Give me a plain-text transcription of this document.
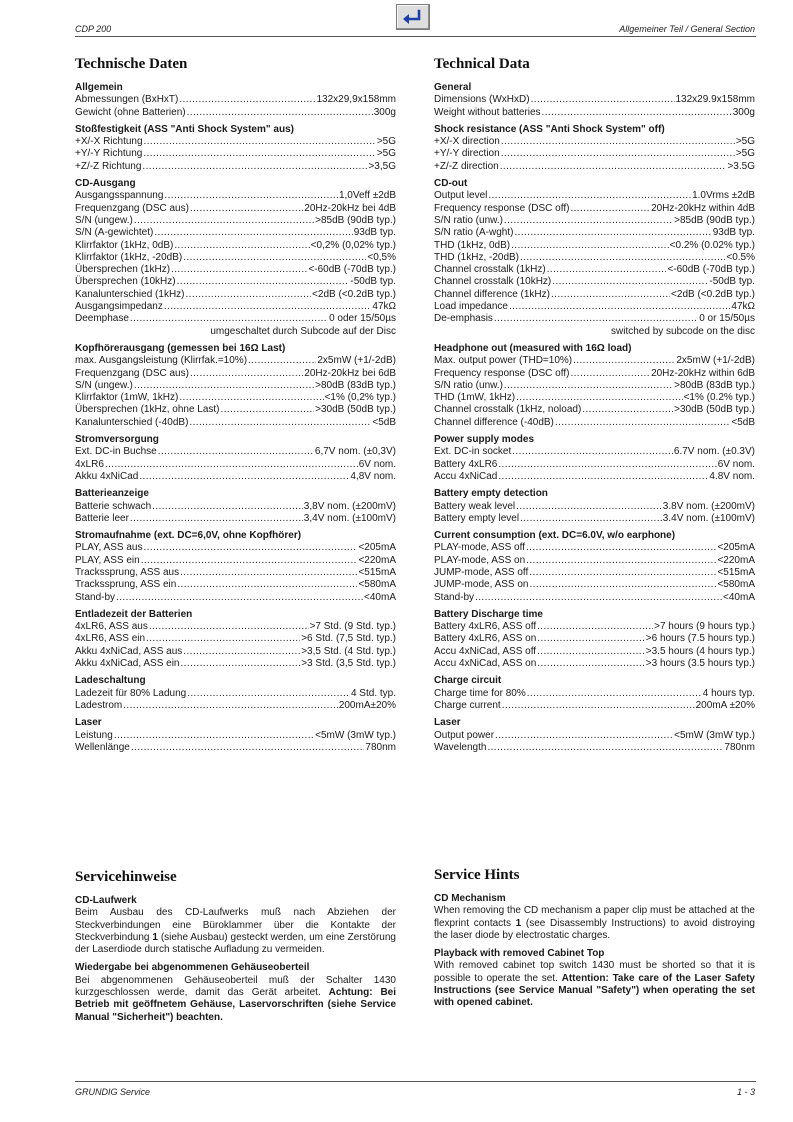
CDP 200	Allgemeiner Teil / General Section
Technische Daten
Allgemein
Abmessungen (BxHxT) .....	132x29,9x158mm
Gewicht (ohne Batterien) .....	300g
Stoßfestigkeit (ASS "Anti Shock System" aus)
+X/-X Richtung .....	>5G
+Y/-Y Richtung .....	>5G
+Z/-Z Richtung .....	>3,5G
CD-Ausgang
Ausgangsspannung .....	1,0Veff ±2dB
Frequenzgang (DSC aus) .....	20Hz-20kHz bei 4dB
S/N (ungew.) .....	>85dB (90dB typ.)
S/N (A-gewichtet) .....	93dB typ.
Klirrfaktor (1kHz, 0dB) .....	<0,2% (0,02% typ.)
Klirrfaktor (1kHz, -20dB) .....	<0,5%
Übersprechen (1kHz) .....	<-60dB (-70dB typ.)
Übersprechen (10kHz) .....	-50dB typ.
Kanalunterschied (1kHz) .....	<2dB (<0.2dB typ.)
Ausgangsimpedanz .....	47kΩ
Deemphase .....	0 oder 15/50µs
umgeschaltet durch Subcode auf der Disc
Kopfhörerausgang (gemessen bei 16Ω Last)
max. Ausgangsleistung (Klirrfak.=10%) .....	2x5mW (+1/-2dB)
Frequenzgang (DSC aus) .....	20Hz-20kHz bei 6dB
S/N (ungew.) .....	>80dB (83dB typ.)
Klirrfaktor (1mW, 1kHz) .....	<1% (0,2% typ.)
Übersprechen (1kHz, ohne Last) .....	>30dB (50dB typ.)
Kanalunterschied (-40dB) .....	<5dB
Stromversorgung
Ext. DC-in Buchse .....	6,7V nom. (±0,3V)
4xLR6 .....	6V nom.
Akku 4xNiCad .....	4,8V nom.
Batterieanzeige
Batterie schwach .....	3,8V nom. (±200mV)
Batterie leer .....	3,4V nom. (±100mV)
Stromaufnahme (ext. DC=6,0V, ohne Kopfhörer)
PLAY, ASS aus .....	<205mA
PLAY, ASS ein .....	<220mA
Trackssprung, ASS aus .....	<515mA
Trackssprung, ASS ein .....	<580mA
Stand-by .....	<40mA
Entladezeit der Batterien
4xLR6, ASS aus .....	>7 Std. (9 Std. typ.)
4xLR6, ASS ein .....	>6 Std. (7,5 Std. typ.)
Akku 4xNiCad, ASS aus .....	>3,5 Std. (4 Std. typ.)
Akku 4xNiCad, ASS ein .....	>3 Std. (3,5 Std. typ.)
Ladeschaltung
Ladezeit für 80% Ladung .....	4 Std. typ.
Ladestrom .....	200mA±20%
Laser
Leistung .....	<5mW (3mW typ.)
Wellenlänge .....	780nm
Technical Data
General
Dimensions (WxHxD) .....	132x29.9x158mm
Weight without batteries .....	300g
Shock resistance (ASS "Anti Shock System" off)
+X/-X direction .....	>5G
+Y/-Y direction .....	>5G
+Z/-Z direction .....	>3.5G
CD-out
Output level .....	1.0Vrms ±2dB
Frequency response (DSC off) .....	20Hz-20kHz within 4dB
S/N ratio (unw.) .....	>85dB (90dB typ.)
S/N ratio (A-wght) .....	93dB typ.
THD (1kHz, 0dB) .....	<0.2% (0.02% typ.)
THD (1kHz, -20dB) .....	<0.5%
Channel crosstalk (1kHz) .....	<-60dB (-70dB typ.)
Channel crosstalk (10kHz) .....	-50dB typ.
Channel difference (1kHz) .....	<2dB (<0.2dB typ.)
Load impedance .....	47kΩ
De-emphasis .....	0 or 15/50µs
switched by subcode on the disc
Headphone out (measured with 16Ω load)
Max. output power (THD=10%) .....	2x5mW (+1/-2dB)
Frequency response (DSC off) .....	20Hz-20kHz within 6dB
S/N ratio (unw.) .....	>80dB (83dB typ.)
THD (1mW, 1kHz) .....	<1% (0.2% typ.)
Channel crosstalk (1kHz, noload) .....	>30dB (50dB typ.)
Channel difference (-40dB) .....	<5dB
Power supply modes
Ext. DC-in socket .....	6.7V nom. (±0.3V)
Battery 4xLR6 .....	6V nom.
Accu 4xNiCad .....	4.8V nom.
Battery empty detection
Battery weak level .....	3.8V nom. (±200mV)
Battery empty level .....	3.4V nom. (±100mV)
Current consumption (ext. DC=6.0V, w/o earphone)
PLAY-mode, ASS off .....	<205mA
PLAY-mode, ASS on .....	<220mA
JUMP-mode, ASS off .....	<515mA
JUMP-mode, ASS on .....	<580mA
Stand-by .....	<40mA
Battery Discharge time
Battery 4xLR6, ASS off .....	>7 hours (9 hours typ.)
Battery 4xLR6, ASS on .....	>6 hours (7.5 hours typ.)
Accu 4xNiCad, ASS off .....	>3.5 hours (4 hours typ.)
Accu 4xNiCad, ASS on .....	>3 hours (3.5 hours typ.)
Charge circuit
Charge time for 80% .....	4 hours typ.
Charge current .....	200mA ±20%
Laser
Output power .....	<5mW (3mW typ.)
Wavelength .....	780nm
Servicehinweise
CD-Laufwerk
Beim Ausbau des CD-Laufwerks muß nach Abziehen der Steckverbindungen eine Büroklammer über die Kontakte der Steckverbindung 1 (siehe Ausbau) gesteckt werden, um eine Zerstörung der Laserdiode durch statische Aufladung zu vermeiden.
Wiedergabe bei abgenommenen Gehäuseoberteil
Bei abgenommenen Gehäuseoberteil muß der Schalter 1430 kurzgeschlossen werde, damit das Gerät arbeitet. Achtung: Bei Betrieb mit geöffnetem Gehäuse, Laservorschriften (siehe Service Manual "Sicherheit") beachten.
Service Hints
CD Mechanism
When removing the CD mechanism a paper clip must be attached at the flexprint contacts 1 (see Disassembly Instructions) to avoid distroying the laser diode by electrostatic charges.
Playback with removed Cabinet Top
With removed cabinet top switch 1430 must be shorted so that it is possible to operate the set. Attention: Take care of the Laser Safety Instructions (see Service Manual "Safety") when operating the set with opened cabinet.
GRUNDIG Service	1 - 3
